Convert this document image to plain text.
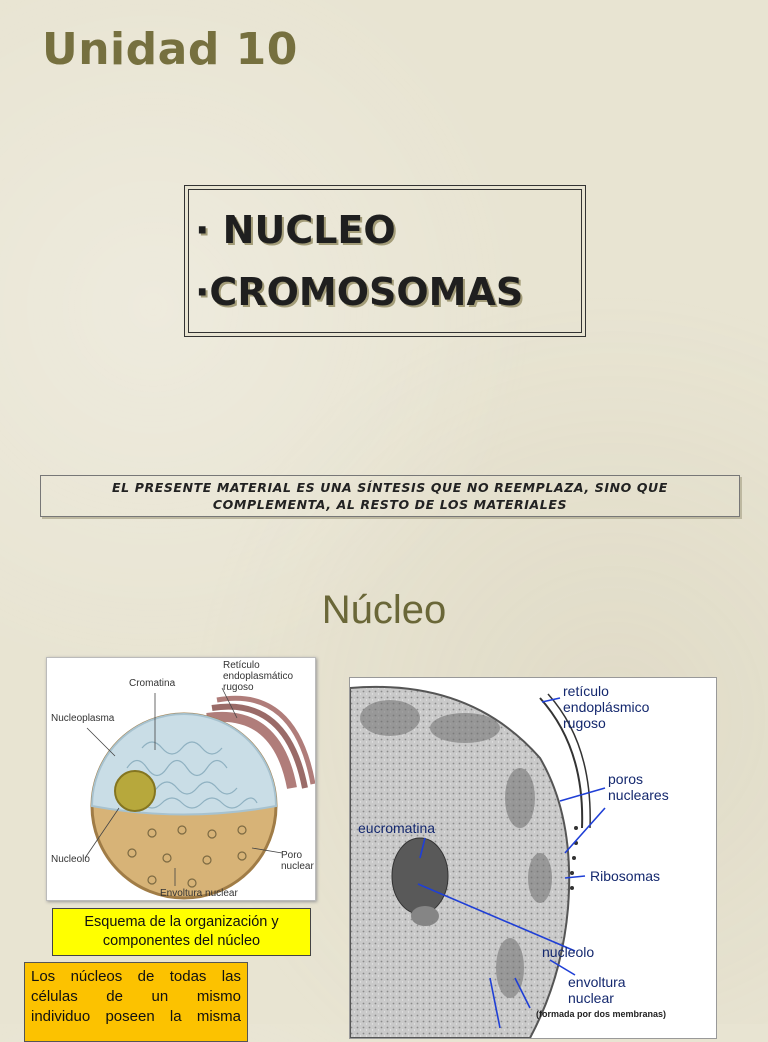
Unidad 10
· NUCLEO
·CROMOSOMAS
EL PRESENTE MATERIAL ES UNA SÍNTESIS QUE NO REEMPLAZA, SINO QUE
COMPLEMENTA, AL RESTO DE LOS MATERIALES
Núcleo
Cromatina
Retículo
endoplasmático
rugoso
Nucleoplasma
Nucleolo	Poro
nuclear
Envoltura nuclear
Esquema de la organización y
componentes del núcleo
Los núcleos de todas las
células de un mismo
individuo poseen la misma
retículo
endoplásmico
rugoso
poros
nucleares
eucromatina
Ribosomas
nucleolo
envoltura
nuclear
(formada por dos membranas)
